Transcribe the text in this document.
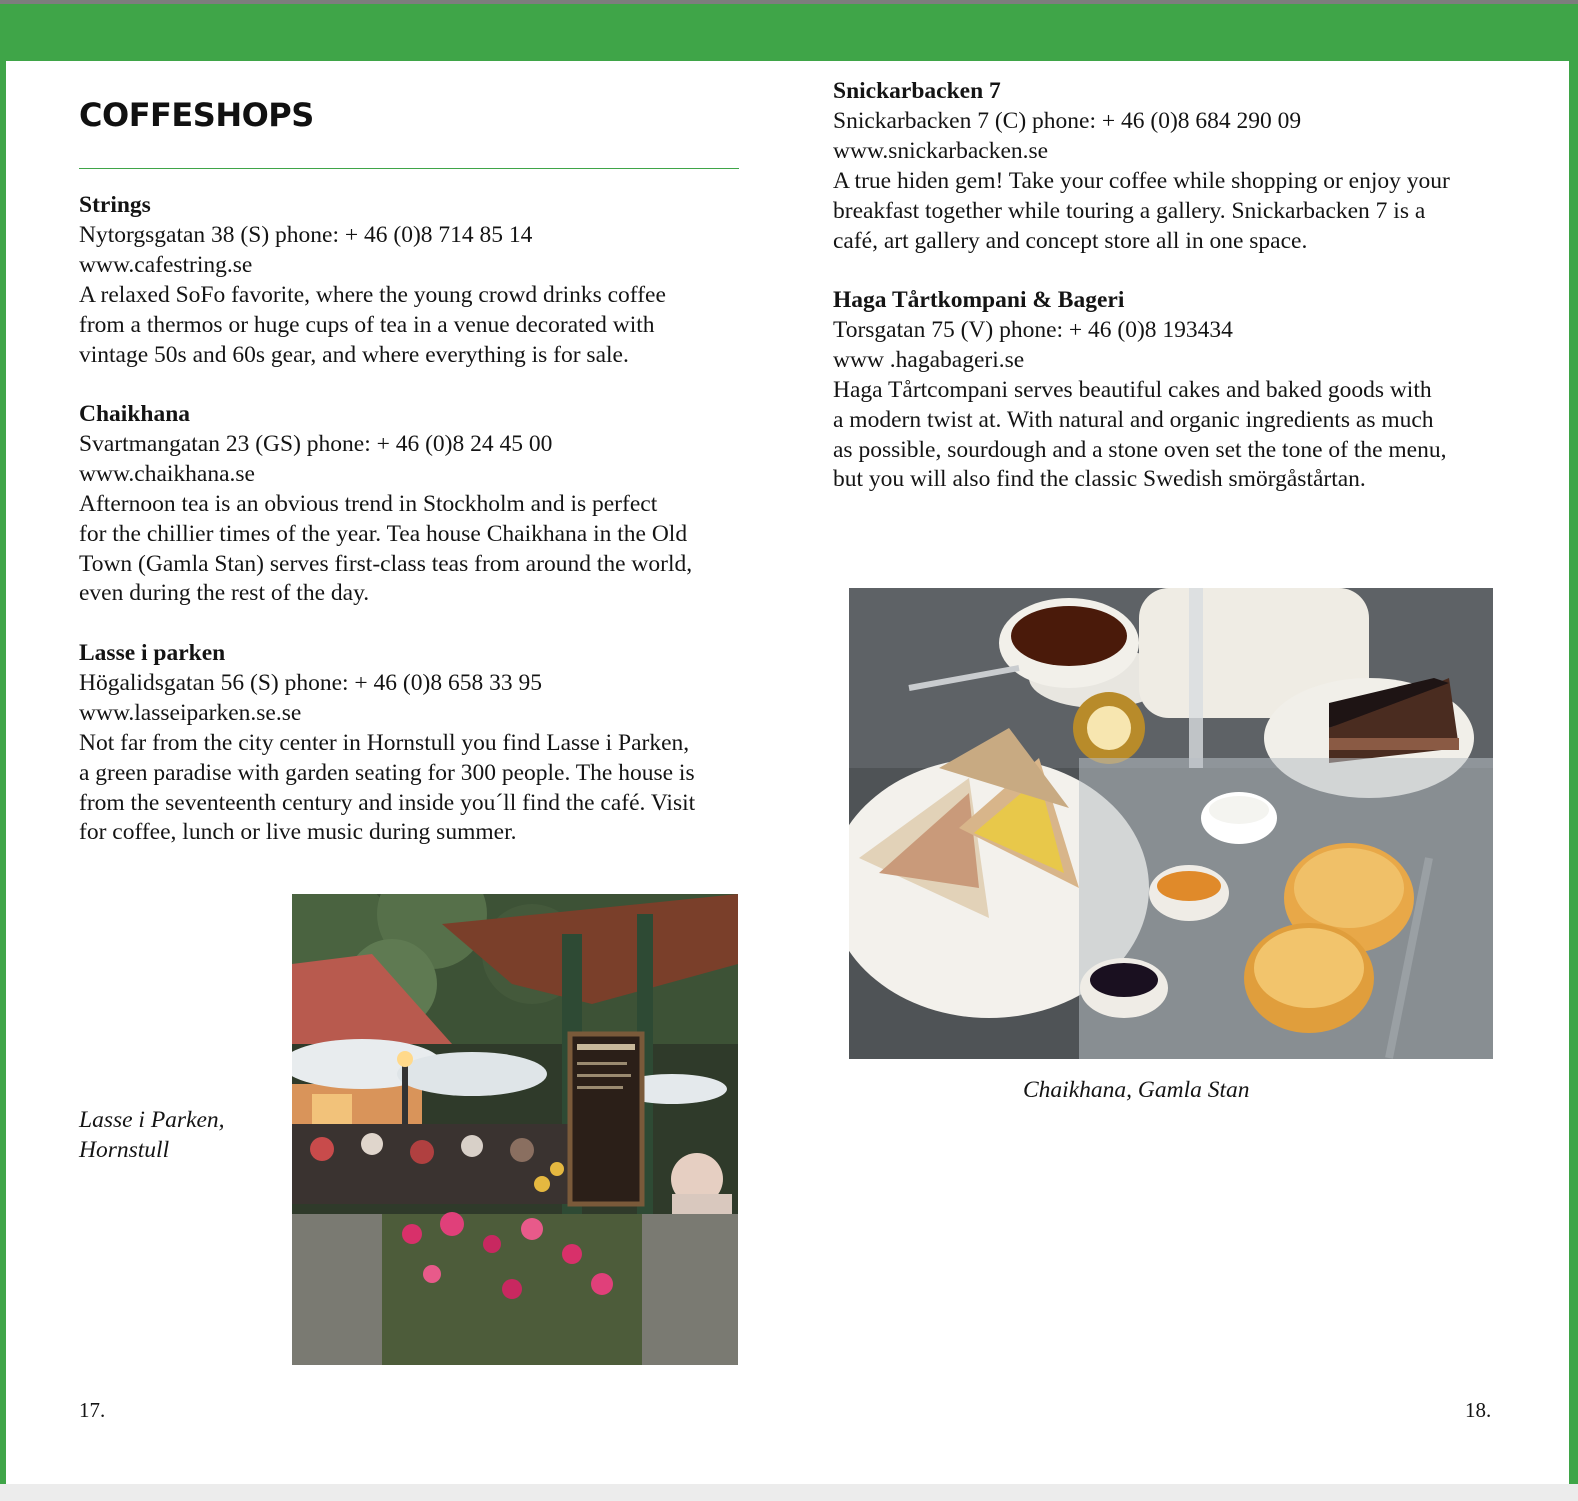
COFFESHOPS

Strings

Nytorgsgatan 38 (S) phone: + 46 (0)8 714 85 14

www.cafestring.se

A relaxed SoFo favorite, where the young crowd drinks coffee

from a thermos or huge cups of tea in a venue decorated with

vintage 50s and 60s gear, and where everything is for sale.

Chaikhana

Svartmangatan 23 (GS) phone: + 46 (0)8 24 45 00

www.chaikhana.se

Afternoon tea is an obvious trend in Stockholm and is perfect

for the chillier times of the year. Tea house Chaikhana in the Old

Town (Gamla Stan) serves first-class teas from around the world,

even during the rest of the day.

Lasse i parken

Högalidsgatan 56 (S) phone: + 46 (0)8 658 33 95

www.lasseiparken.se.se

Not far from the city center in Hornstull you find Lasse i Parken,

a green paradise with garden seating for 300 people. The house is

from the seventeenth century and inside you´ll find the café. Visit

for coffee, lunch or live music during summer.

Snickarbacken 7

Snickarbacken 7 (C) phone: + 46 (0)8 684 290 09

www.snickarbacken.se

A true hiden gem! Take your coffee while shopping or enjoy your

breakfast together while touring a gallery. Snickarbacken 7 is a

café, art gallery and concept store all in one space.

Haga Tårtkompani & Bageri

Torsgatan 75 (V) phone: + 46 (0)8 193434

www .hagabageri.se

Haga Tårtcompani serves beautiful cakes and baked goods with

a modern twist at. With natural and organic ingredients as much

as possible, sourdough and a stone oven set the tone of the menu,

but you will also find the classic Swedish smörgåstårtan.

Lasse i Parken,

Hornstull

Chaikhana, Gamla Stan
17.	18.
